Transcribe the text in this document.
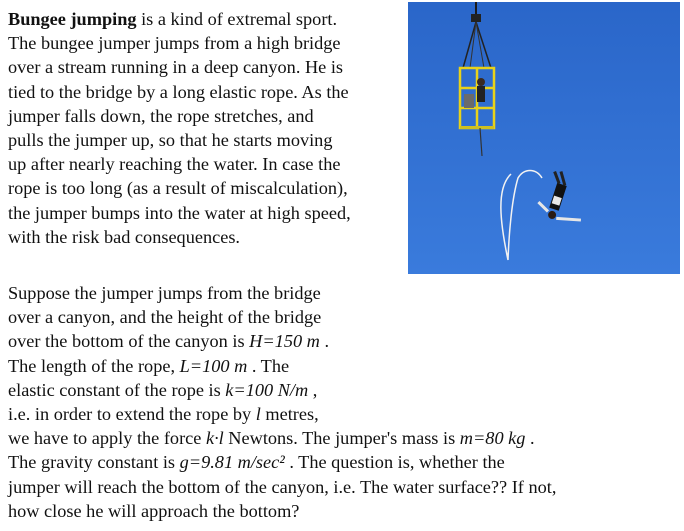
Bungee jumping is a kind of extremal sport.
The bungee jumper jumps from a high bridge
over a stream running in a deep canyon. He is
tied to the bridge by a long elastic rope. As the
jumper falls down, the rope stretches, and
pulls the jumper up, so that he starts moving
up after nearly reaching the water. In case the
rope is too long (as a result of miscalculation),
the jumper bumps into the water at high speed,
with the risk bad consequences.
Suppose the jumper jumps from the bridge
over a canyon, and the height of the bridge
over the bottom of the canyon is H=150 m .
The length of the rope, L=100 m . The
elastic constant of the rope is k=100 N/m ,
i.e. in order to extend the rope by l metres,
we have to apply the force k·l Newtons. The jumper's mass is m=80 kg .
The gravity constant is g=9.81 m/sec² . The question is, whether the
jumper will reach the bottom of the canyon, i.e. The water surface?? If not,
how close he will approach the bottom?
